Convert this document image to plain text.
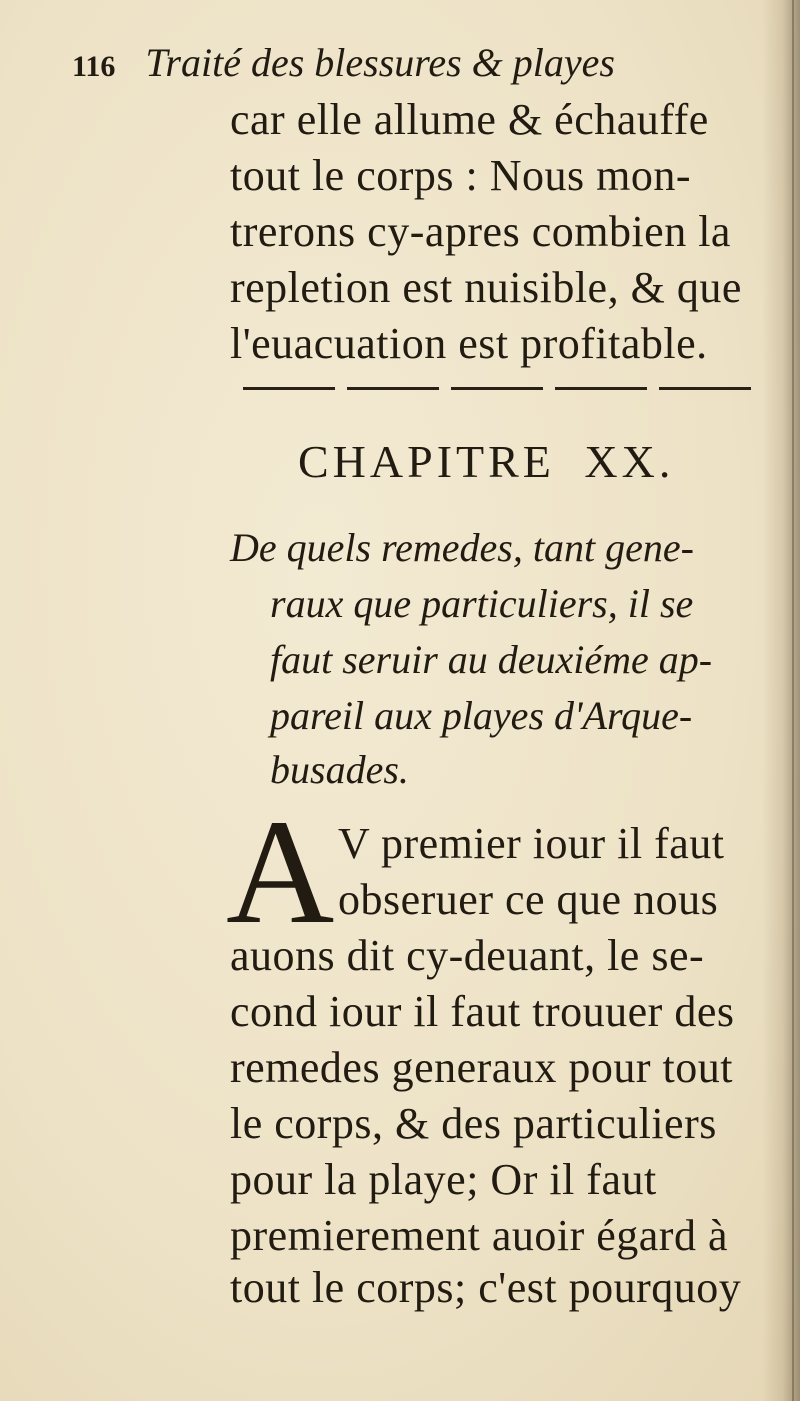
116 Traité des blessures & playes
car elle allume & échauffe
tout le corps : Nous mon-
trerons cy-apres combien la
repletion est nuisible, & que
l'euacuation est profitable.
CHAPITRE XX.
De quels remedes, tant gene-
raux que particuliers, il se
faut seruir au deuxiéme ap-
pareil aux playes d'Arque-
busades.
A V premier iour il faut
obseruer ce que nous
auons dit cy-deuant, le se-
cond iour il faut trouuer des
remedes generaux pour tout
le corps, & des particuliers
pour la playe; Or il faut
premierement auoir égard à
tout le corps; c'est pourquoy
